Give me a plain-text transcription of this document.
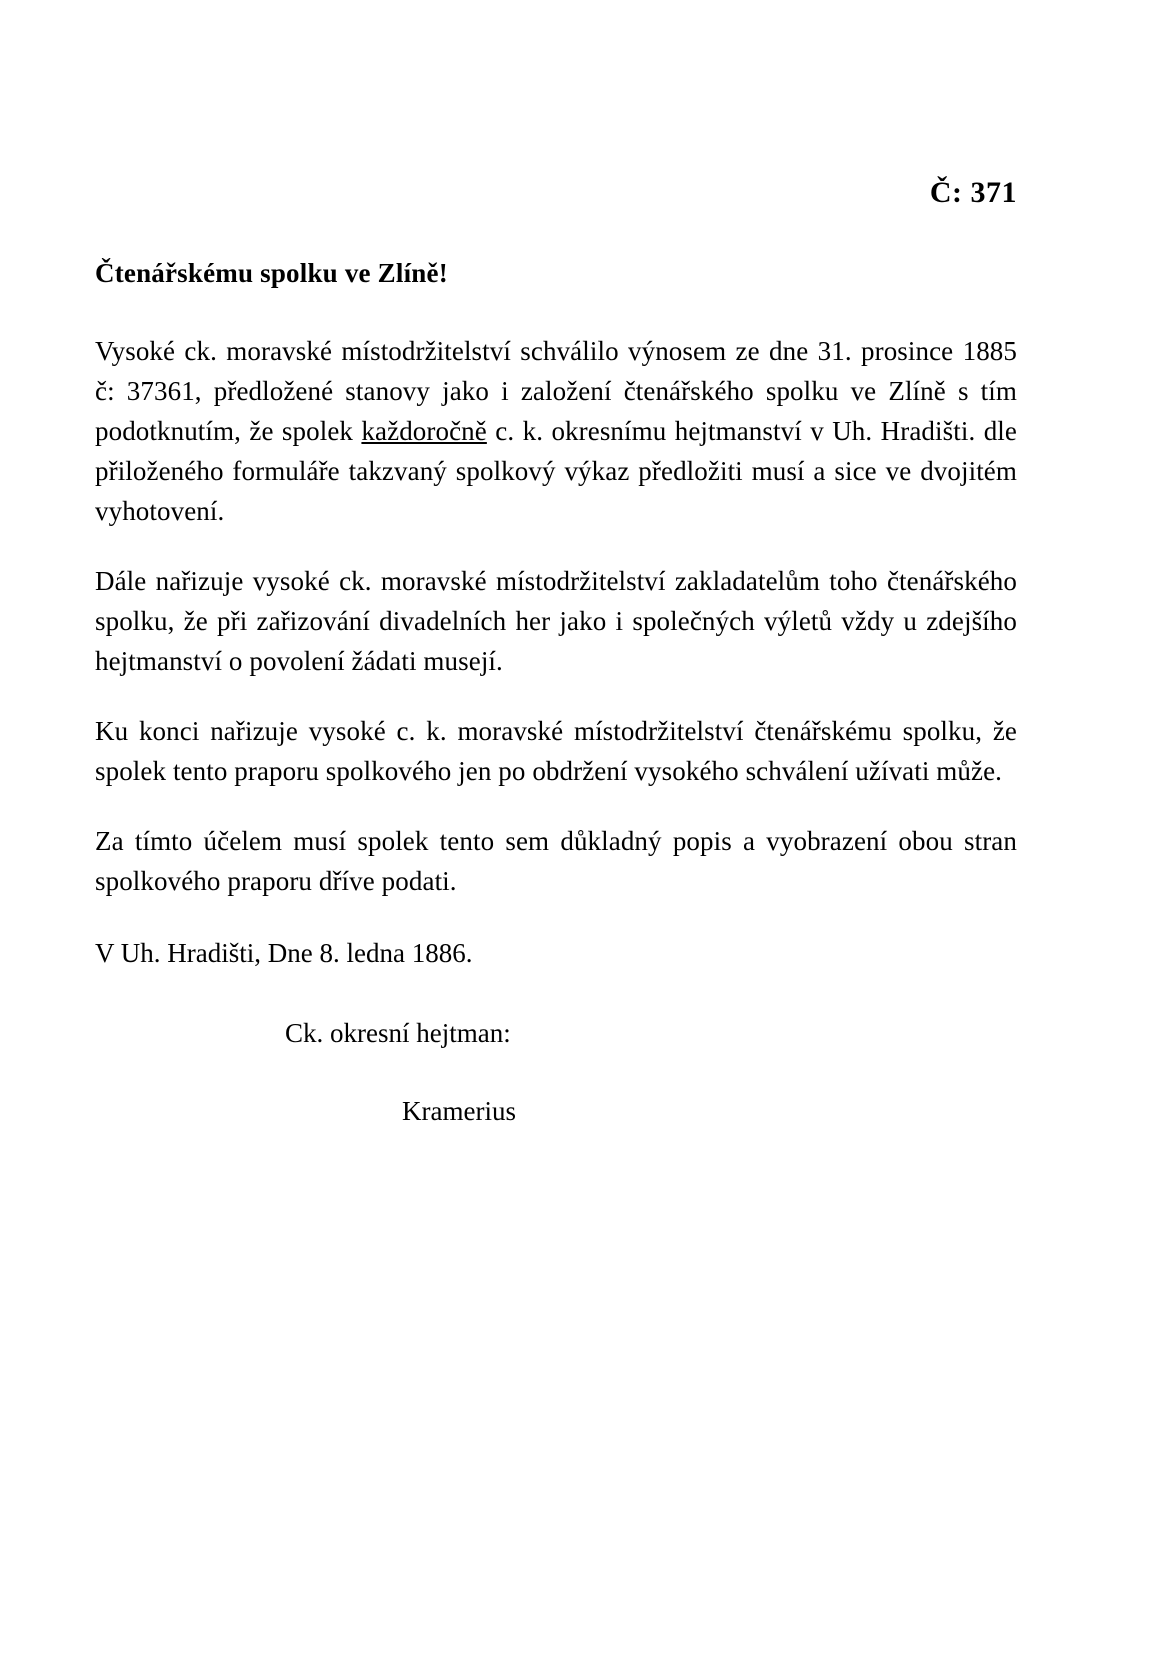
Č: 371
Čtenářskému spolku ve Zlíně!

Vysoké ck. moravské místodržitelství schválilo výnosem ze dne 31. prosince 1885 č: 37361, předložené stanovy jako i založení čtenářského spolku ve Zlíně s tím podotknutím, že spolek každoročně c. k. okresnímu hejtmanství v Uh. Hradišti. dle přiloženého formuláře takzvaný spolkový výkaz předložiti musí a sice ve dvojitém vyhotovení.

Dále nařizuje vysoké ck. moravské místodržitelství zakladatelům toho čtenářského spolku, že při zařizování divadelních her jako i společných výletů vždy u zdejšího hejtmanství o povolení žádati musejí.

Ku konci nařizuje vysoké c. k. moravské místodržitelství čtenářskému spolku, že spolek tento praporu spolkového jen po obdržení vysokého schválení užívati může.

Za tímto účelem musí spolek tento sem důkladný popis a vyobrazení obou stran spolkového praporu dříve podati.

V Uh. Hradišti, Dne 8. ledna 1886.

Ck. okresní hejtman:

Kramerius
